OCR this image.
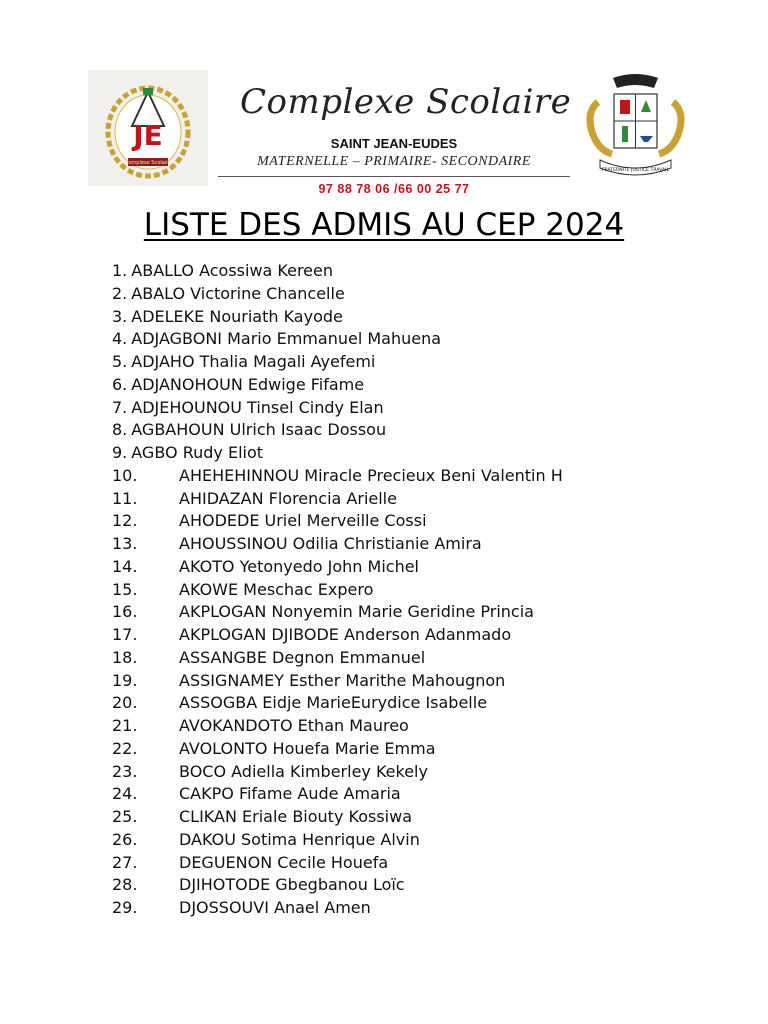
JE
Complexe Scolaire
Complexe Scolaire
SAINT JEAN-EUDES
MATERNELLE – PRIMAIRE- SECONDAIRE
97 88 78 06 /66 00 25 77
FRATERNITÉ JUSTICE TRAVAIL
LISTE DES ADMIS AU CEP 2024
1. ABALLO Acossiwa Kereen
2. ABALO Victorine Chancelle
3. ADELEKE Nouriath Kayode
4. ADJAGBONI Mario Emmanuel Mahuena
5. ADJAHO Thalia Magali Ayefemi
6. ADJANOHOUN Edwige Fifame
7. ADJEHOUNOU Tinsel Cindy Elan
8. AGBAHOUN Ulrich Isaac Dossou
9. AGBO Rudy Eliot
10.	AHEHEHINNOU Miracle Precieux Beni Valentin H
11.	AHIDAZAN Florencia Arielle
12.	AHODEDE Uriel Merveille Cossi
13.	AHOUSSINOU Odilia Christianie Amira
14.	AKOTO Yetonyedo John Michel
15.	AKOWE Meschac Expero
16.	AKPLOGAN Nonyemin Marie Geridine Princia
17.	AKPLOGAN DJIBODE Anderson Adanmado
18.	ASSANGBE Degnon Emmanuel
19.	ASSIGNAMEY Esther Marithe Mahougnon
20.	ASSOGBA Eidje MarieEurydice Isabelle
21.	AVOKANDOTO Ethan Maureo
22.	AVOLONTO Houefa Marie Emma
23.	BOCO Adiella Kimberley Kekely
24.	CAKPO Fifame Aude Amaria
25.	CLIKAN Eriale Biouty Kossiwa
26.	DAKOU Sotima Henrique Alvin
27.	DEGUENON Cecile Houefa
28.	DJIHOTODE Gbegbanou Loïc
29.	DJOSSOUVI Anael Amen
